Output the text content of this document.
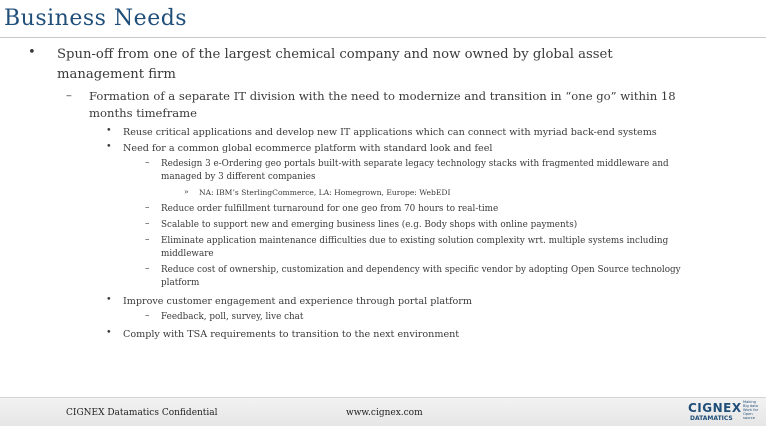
Business Needs
• Spun-off from one of the largest chemical company and now owned by global asset management firm
– Formation of a separate IT division with the need to modernize and transition in “one go” within 18 months timeframe
• Reuse critical applications and develop new IT applications which can connect with myriad back-end systems
• Need for a common global ecommerce platform with standard look and feel
– Redesign 3 e-Ordering geo portals built-with separate legacy technology stacks with fragmented middleware and managed by 3 different companies
» NA: IBM’s SterlingCommerce, LA: Homegrown, Europe: WebEDI
– Reduce order fulfillment turnaround for one geo from 70 hours to real-time
– Scalable to support new and emerging business lines (e.g. Body shops with online payments)
– Eliminate application maintenance difficulties due to existing solution complexity wrt. multiple systems including middleware
– Reduce cost of ownership, customization and dependency with specific vendor by adopting Open Source technology platform
• Improve customer engagement and experience through portal platform
– Feedback, poll, survey, live chat
• Comply with TSA requirements to transition to the next environment
CIGNEX Datamatics Confidential	www.cignex.com	CIGNEX
DATAMATICS
Making Big data Work for Open source
